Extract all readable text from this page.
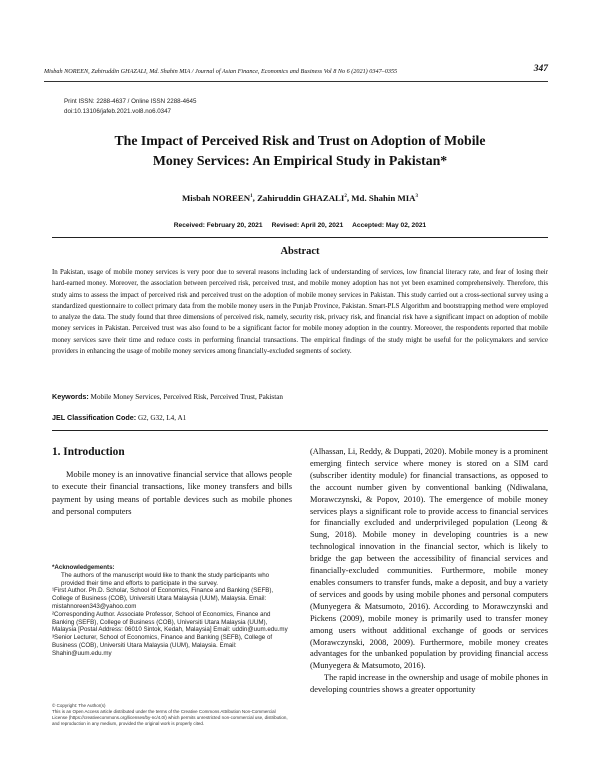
Misbah NOREEN, Zahiruddin GHAZALI, Md. Shahin MIA / Journal of Asian Finance, Economics and Business Vol 8 No 6 (2021) 0347–0355	347
Print ISSN: 2288-4637 / Online ISSN 2288-4645
doi:10.13106/jafeb.2021.vol8.no6.0347
The Impact of Perceived Risk and Trust on Adoption of Mobile
Money Services: An Empirical Study in Pakistan*
Misbah NOREEN$^1$, Zahiruddin GHAZALI$^2$, Md. Shahin MIA$^3$
Received: February 20, 2021     Revised: April 20, 2021     Accepted: May 02, 2021
Abstract

In Pakistan, usage of mobile money services is very poor due to several reasons including lack of understanding of services, low financial literacy rate, and fear of losing their hard-earned money. Moreover, the association between perceived risk, perceived trust, and mobile money adoption has not yet been examined comprehensively. Therefore, this study aims to assess the impact of perceived risk and perceived trust on the adoption of mobile money services in Pakistan. This study carried out a cross-sectional survey using a standardized questionnaire to collect primary data from the mobile money users in the Punjab Province, Pakistan. Smart-PLS Algorithm and bootstrapping method were employed to analyze the data. The study found that three dimensions of perceived risk, namely, security risk, privacy risk, and financial risk have a significant impact on adoption of mobile money services in Pakistan. Perceived trust was also found to be a significant factor for mobile money adoption in the country. Moreover, the respondents reported that mobile money services save their time and reduce costs in performing financial transactions. The empirical findings of the study might be useful for the policymakers and service providers in enhancing the usage of mobile money services among financially-excluded segments of society.

Keywords: Mobile Money Services, Perceived Risk, Perceived Trust, Pakistan
JEL Classification Code: G2, G32, L4, A1
1. Introduction

Mobile money is an innovative financial service that allows people to execute their financial transactions, like money transfers and bills payment by using means of portable devices such as mobile phones and personal computers

*Acknowledgements:

The authors of the manuscript would like to thank the study participants who provided their time and efforts to participate in the survey.

¹First Author. Ph.D. Scholar, School of Economics, Finance and Banking (SEFB), College of Business (COB), Universiti Utara Malaysia (UUM), Malaysia. Email: mistahnoreen343@yahoo.com

²Corresponding Author. Associate Professor, School of Economics, Finance and Banking (SEFB), College of Business (COB), Universiti Utara Malaysia (UUM), Malaysia [Postal Address: 06010 Sintok, Kedah, Malaysia] Email: uddin@uum.edu.my

³Senior Lecturer, School of Economics, Finance and Banking (SEFB), College of Business (COB), Universiti Utara Malaysia (UUM), Malaysia. Email: Shahin@uum.edu.my

© Copyright: The Author(s)

This is an Open Access article distributed under the terms of the Creative Commons Attribution Non-Commercial License (https://creativecommons.org/licenses/by-nc/4.0/) which permits unrestricted non-commercial use, distribution, and reproduction in any medium, provided the original work is properly cited.

(Alhassan, Li, Reddy, & Duppati, 2020). Mobile money is a prominent emerging fintech service where money is stored on a SIM card (subscriber identity module) for financial transactions, as opposed to the account number given by conventional banking (Ndiwalana, Morawczynski, & Popov, 2010). The emergence of mobile money services plays a significant role to provide access to financial services for financially excluded and underprivileged population (Leong & Sung, 2018). Mobile money in developing countries is a new technological innovation in the financial sector, which is likely to bridge the gap between the accessibility of financial services and financially-excluded communities. Furthermore, mobile money enables consumers to transfer funds, make a deposit, and buy a variety of services and goods by using mobile phones and personal computers (Munyegera & Matsumoto, 2016). According to Morawczynski and Pickens (2009), mobile money is primarily used to transfer money among users without additional exchange of goods or services (Morawczynski, 2008, 2009). Furthermore, mobile money creates advantages for the unbanked population by providing financial access (Munyegera & Matsumoto, 2016).

The rapid increase in the ownership and usage of mobile phones in developing countries shows a greater opportunity
